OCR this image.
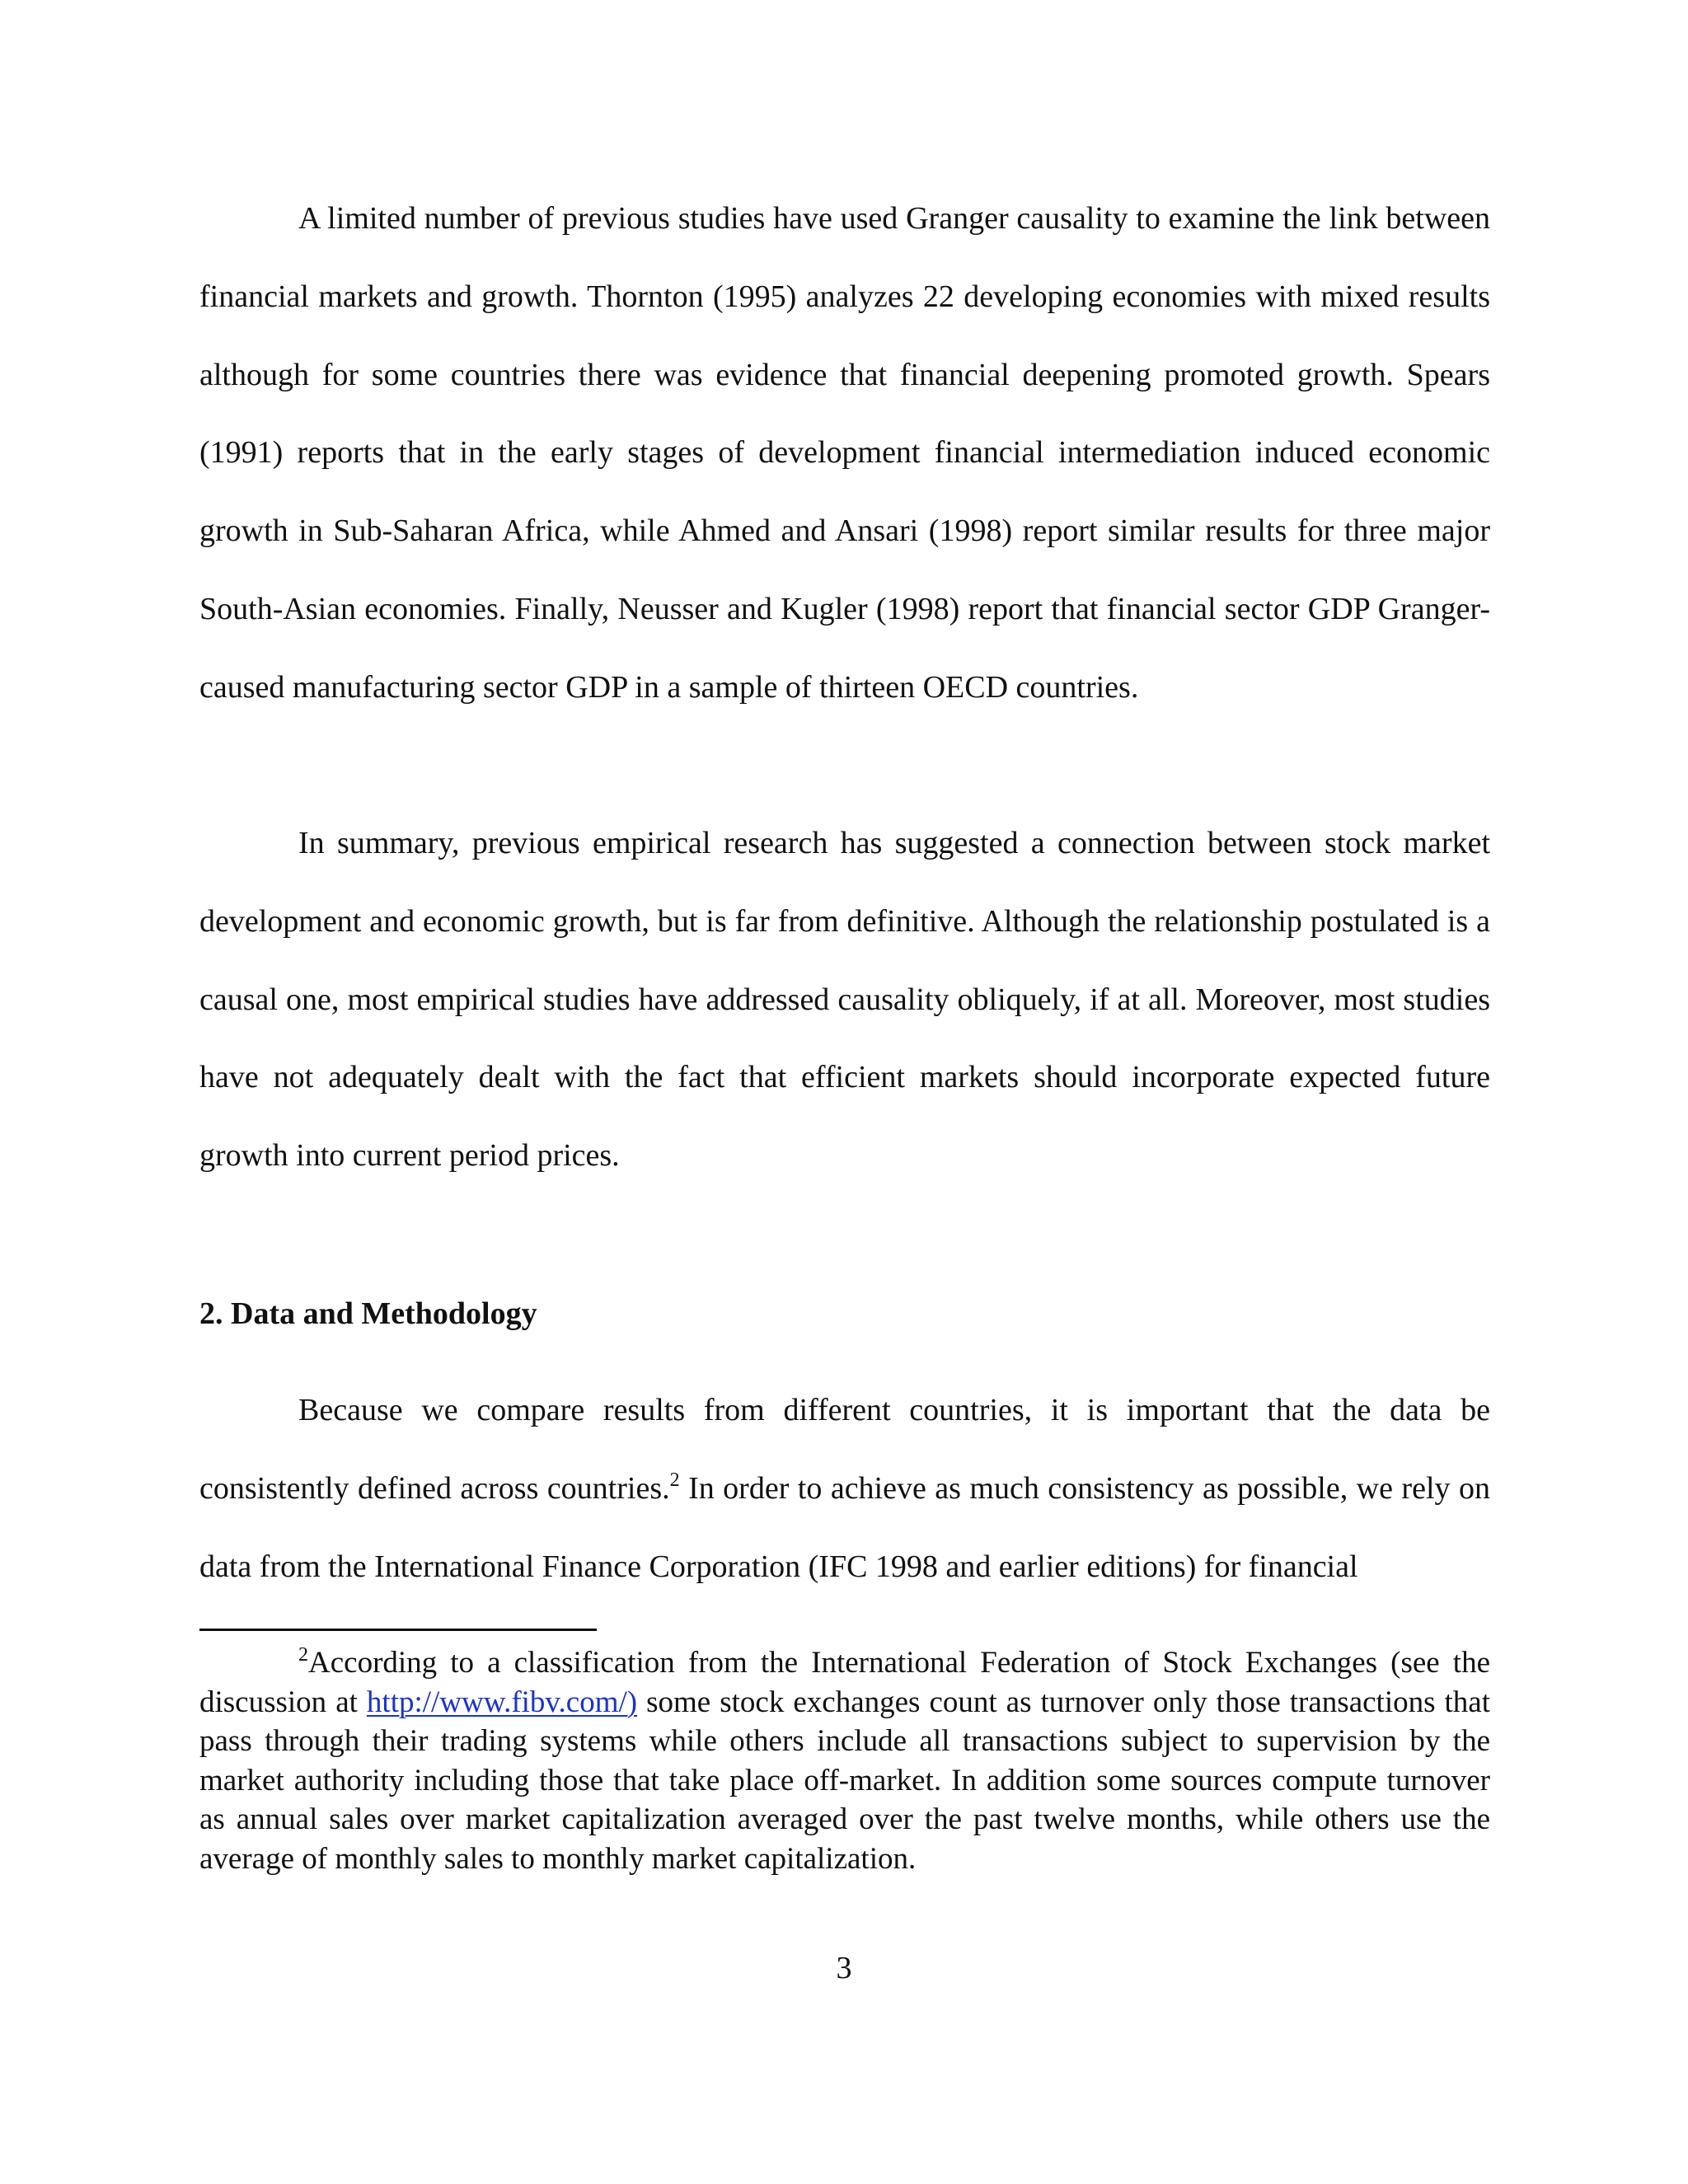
A limited number of previous studies have used Granger causality to examine the link between financial markets and growth. Thornton (1995) analyzes 22 developing economies with mixed results although for some countries there was evidence that financial deepening promoted growth. Spears (1991) reports that in the early stages of development financial intermediation induced economic growth in Sub-Saharan Africa, while Ahmed and Ansari (1998) report similar results for three major South-Asian economies. Finally, Neusser and Kugler (1998) report that financial sector GDP Granger-caused manufacturing sector GDP in a sample of thirteen OECD countries.

In summary, previous empirical research has suggested a connection between stock market development and economic growth, but is far from definitive. Although the relationship postulated is a causal one, most empirical studies have addressed causality obliquely, if at all. Moreover, most studies have not adequately dealt with the fact that efficient markets should incorporate expected future growth into current period prices.

2. Data and Methodology

Because we compare results from different countries, it is important that the data be consistently defined across countries.$^2$ In order to achieve as much consistency as possible, we rely on data from the International Finance Corporation (IFC 1998 and earlier editions) for financial

$^2$According to a classification from the International Federation of Stock Exchanges (see the discussion at http://www.fibv.com/) some stock exchanges count as turnover only those transactions that pass through their trading systems while others include all transactions subject to supervision by the market authority including those that take place off-market. In addition some sources compute turnover as annual sales over market capitalization averaged over the past twelve months, while others use the average of monthly sales to monthly market capitalization.

3
